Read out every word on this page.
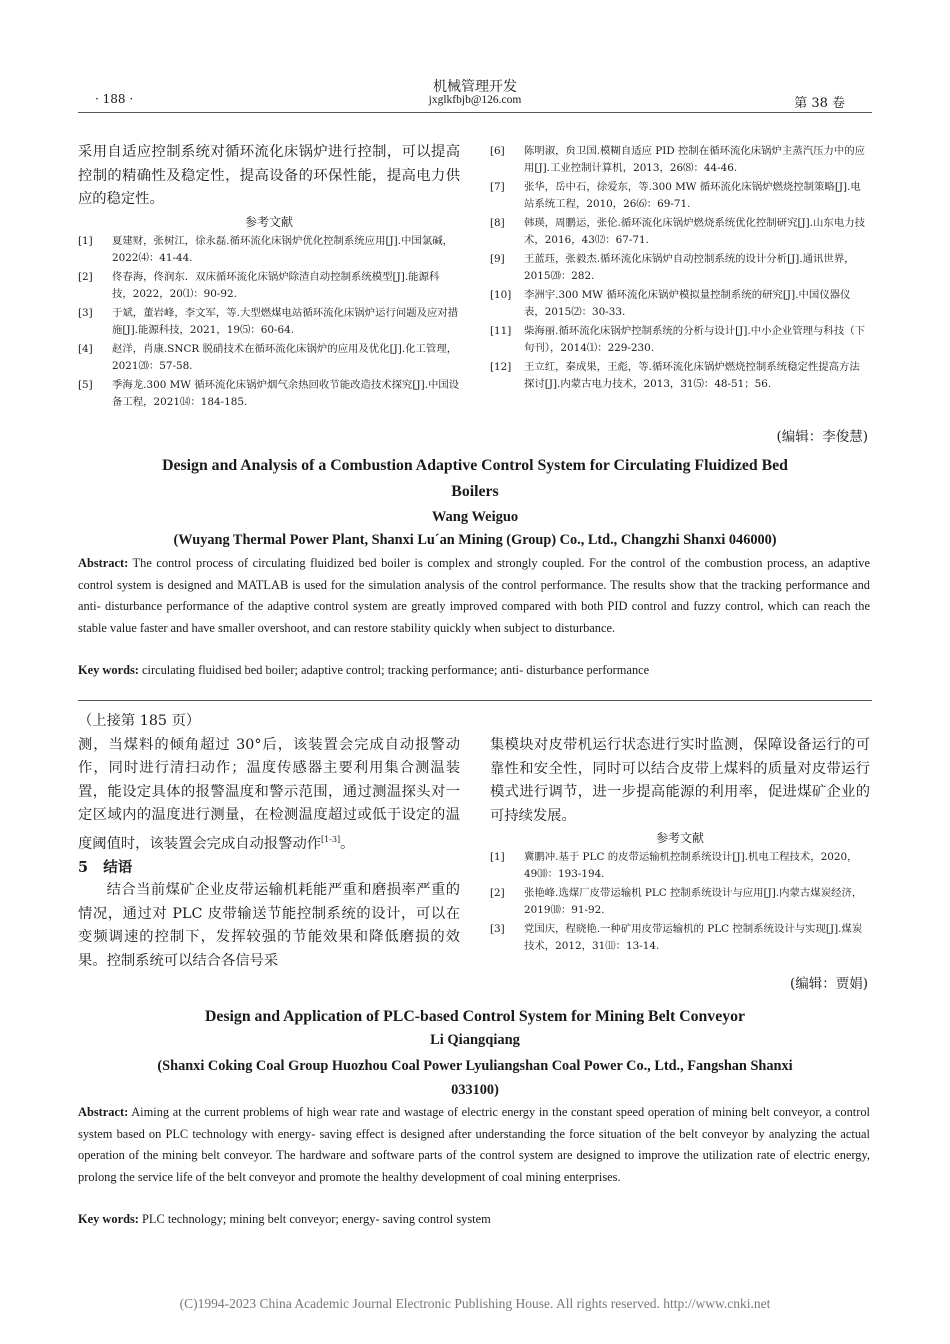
· 188 ·
机械管理开发
jxglkfbjb@126.com	第 38 卷
采用自适应控制系统对循环流化床锅炉进行控制，可以提高控制的精确性及稳定性，提高设备的环保性能，提高电力供应的稳定性。
参考文献
[1]	夏建财，张树江，徐永磊.循环流化床锅炉优化控制系统应用[J].中国氯碱，2022⑷：41-44.
[2]	佟春海，佟润东．双床循环流化床锅炉除渣自动控制系统模型[J].能源科技，2022，20⑴：90-92.
[3]	于斌，董岩峰，李文军，等.大型燃煤电站循环流化床锅炉运行问题及应对措施[J].能源科技，2021，19⑸：60-64.
[4]	赵洋，肖康.SNCR 脱硝技术在循环流化床锅炉的应用及优化[J].化工管理，2021⒇：57-58.
[5]	季海龙.300 MW 循环流化床锅炉烟气余热回收节能改造技术探究[J].中国设备工程，2021⒁：184-185.
[6]	陈明淑，贠卫国.模糊自适应 PID 控制在循环流化床锅炉主蒸汽压力中的应用[J].工业控制计算机，2013，26⑻：44-46.
[7]	张华，岳中石，徐爱东，等.300 MW 循环流化床锅炉燃烧控制策略[J].电站系统工程，2010，26⑹：69-71.
[8]	韩瑛，周鹏运，张伦.循环流化床锅炉燃烧系统优化控制研究[J].山东电力技术，2016，43⑿：67-71.
[9]	王蓝珏，张毅杰.循环流化床锅炉自动控制系统的设计分析[J].通讯世界，2015⒇：282.
[10]	李洲宇.300 MW 循环流化床锅炉模拟量控制系统的研究[J].中国仪器仪表，2015⑵：30-33.
[11]	柴海丽.循环流化床锅炉控制系统的分析与设计[J].中小企业管理与科技（下旬刊），2014⑴：229-230.
[12]	王立红，秦成果，王彪，等.循环流化床锅炉燃烧控制系统稳定性提高方法探讨[J].内蒙古电力技术，2013，31⑸：48-51；56.
(编辑：李俊慧)
Design and Analysis of a Combustion Adaptive Control System for Circulating Fluidized Bed
Boilers
Wang Weiguo
(Wuyang Thermal Power Plant, Shanxi Lu´an Mining (Group) Co., Ltd., Changzhi Shanxi 046000)
Abstract: The control process of circulating fluidized bed boiler is complex and strongly coupled. For the control of the combustion process, an adaptive control system is designed and MATLAB is used for the simulation analysis of the control performance. The results show that the tracking performance and anti- disturbance performance of the adaptive control system are greatly improved compared with both PID control and fuzzy control, which can reach the stable value faster and have smaller overshoot, and can restore stability quickly when subject to disturbance.
Key words: circulating fluidised bed boiler; adaptive control; tracking performance; anti- disturbance performance
（上接第 185 页）
测，当煤料的倾角超过 30°后，该装置会完成自动报警动作，同时进行清扫动作；温度传感器主要利用集合测温装置，能设定具体的报警温度和警示范围，通过测温探头对一定区域内的温度进行测量，在检测温度超过或低于设定的温度阈值时，该装置会完成自动报警动作[1-3]。
5 结语
结合当前煤矿企业皮带运输机耗能严重和磨损率严重的情况，通过对 PLC 皮带输送节能控制系统的设计，可以在变频调速的控制下，发挥较强的节能效果和降低磨损的效果。控制系统可以结合各信号采
集模块对皮带机运行状态进行实时监测，保障设备运行的可靠性和安全性，同时可以结合皮带上煤料的质量对皮带运行模式进行调节，进一步提高能源的利用率，促进煤矿企业的可持续发展。
参考文献
[1]	冀鹏冲.基于 PLC 的皮带运输机控制系统设计[J].机电工程技术，2020，49⑽：193-194.
[2]	张艳峰.选煤厂皮带运输机 PLC 控制系统设计与应用[J].内蒙古煤炭经济，2019⑽：91-92.
[3]	党国庆，程晓艳.一种矿用皮带运输机的 PLC 控制系统设计与实现[J].煤炭技术，2012，31⑾：13-14.
(编辑：贾娟)
Design and Application of PLC-based Control System for Mining Belt Conveyor
Li Qiangqiang
(Shanxi Coking Coal Group Huozhou Coal Power Lyuliangshan Coal Power Co., Ltd., Fangshan Shanxi
033100)
Abstract: Aiming at the current problems of high wear rate and wastage of electric energy in the constant speed operation of mining belt conveyor, a control system based on PLC technology with energy- saving effect is designed after understanding the force situation of the belt conveyor by analyzing the actual operation of the mining belt conveyor. The hardware and software parts of the control system are designed to improve the utilization rate of electric energy, prolong the service life of the belt conveyor and promote the healthy development of coal mining enterprises.
Key words: PLC technology; mining belt conveyor; energy- saving control system
(C)1994-2023 China Academic Journal Electronic Publishing House. All rights reserved. http://www.cnki.net
